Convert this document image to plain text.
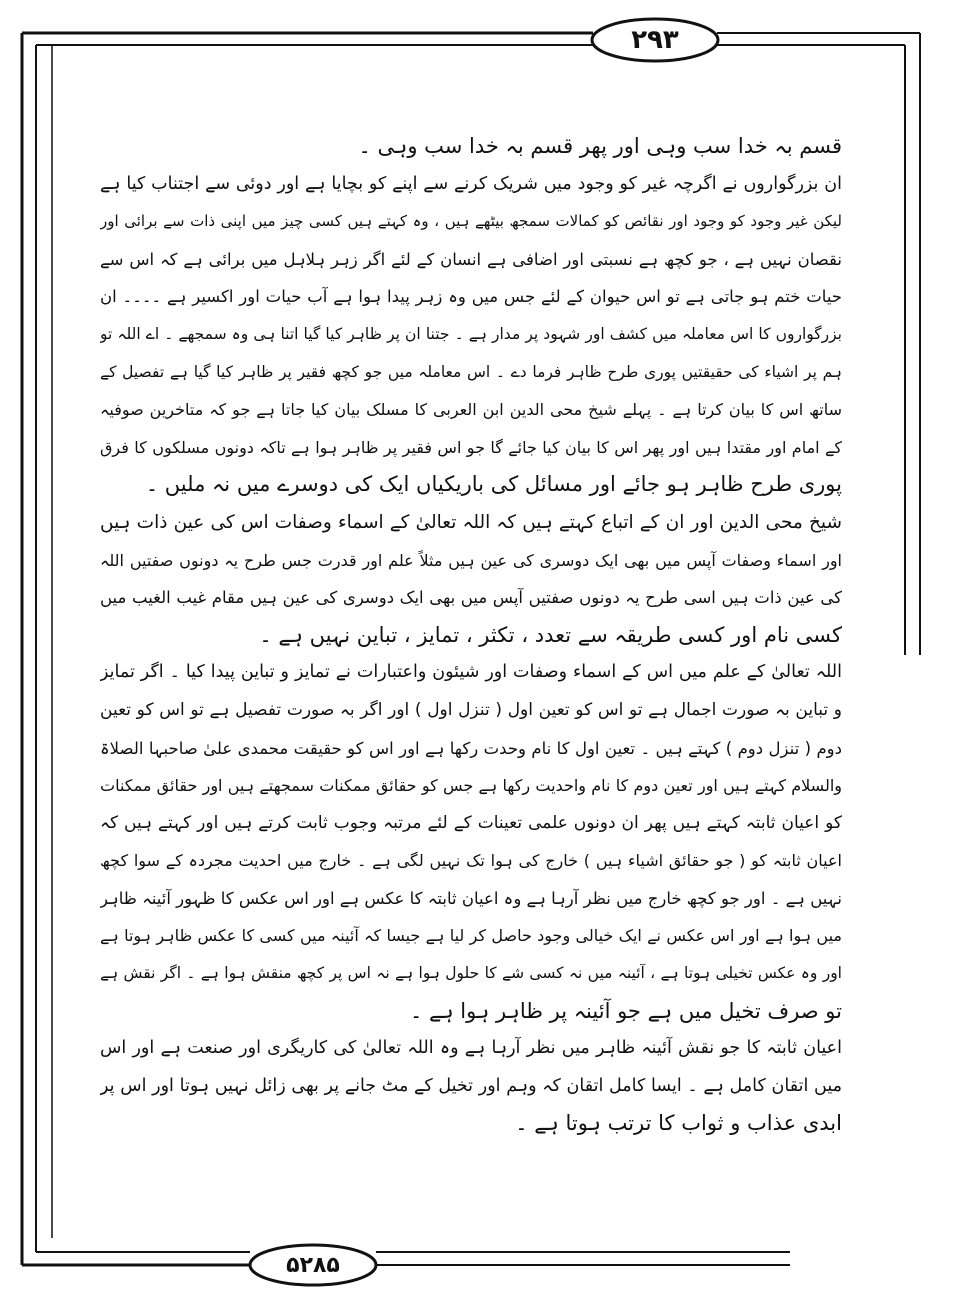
۲۹۳
۵۲۸۵
قسم بہ خدا سب وہی اور پھر قسم بہ خدا سب وہی ۔
ان بزرگواروں نے اگرچہ غیر کو وجود میں شریک کرنے سے اپنے کو بچایا ہے اور دوئی سے اجتناب کیا ہے
لیکن غیر وجود کو وجود اور نقائص کو کمالات سمجھ بیٹھے ہیں ، وہ کہتے ہیں کسی چیز میں اپنی ذات سے برائی اور
نقصان نہیں ہے ، جو کچھ ہے نسبتی اور اضافی ہے انسان کے لئے اگر زہر ہلاہل میں برائی ہے کہ اس سے
حیات ختم ہو جاتی ہے تو اس حیوان کے لئے جس میں وہ زہر پیدا ہوا ہے آب حیات اور اکسیر ہے ۔۔۔۔ ان
بزرگواروں کا اس معاملہ میں کشف اور شہود پر مدار ہے ۔ جتنا ان پر ظاہر کیا گیا اتنا ہی وہ سمجھے ۔ اے اللہ تو
ہم پر اشیاء کی حقیقتیں پوری طرح ظاہر فرما دے ۔ اس معاملہ میں جو کچھ فقیر پر ظاہر کیا گیا ہے تفصیل کے
ساتھ اس کا بیان کرتا ہے ۔ پہلے شیخ محی الدین ابن العربی کا مسلک بیان کیا جاتا ہے جو کہ متاخرین صوفیہ
کے امام اور مقتدا ہیں اور پھر اس کا بیان کیا جائے گا جو اس فقیر پر ظاہر ہوا ہے تاکہ دونوں مسلکوں کا فرق
پوری طرح ظاہر ہو جائے اور مسائل کی باریکیاں ایک کی دوسرے میں نہ ملیں ۔
شیخ محی الدین اور ان کے اتباع کہتے ہیں کہ اللہ تعالیٰ کے اسماء وصفات اس کی عین ذات ہیں
اور اسماء وصفات آپس میں بھی ایک دوسری کی عین ہیں مثلاً علم اور قدرت جس طرح یہ دونوں صفتیں اللہ
کی عین ذات ہیں اسی طرح یہ دونوں صفتیں آپس میں بھی ایک دوسری کی عین ہیں مقام غیب الغیب میں
کسی نام اور کسی طریقہ سے تعدد ، تکثر ، تمایز ، تباین نہیں ہے ۔
اللہ تعالیٰ کے علم میں اس کے اسماء وصفات اور شیئون واعتبارات نے تمایز و تباین پیدا کیا ۔ اگر تمایز
و تباین بہ صورت اجمال ہے تو اس کو تعین اول ( تنزل اول ) اور اگر بہ صورت تفصیل ہے تو اس کو تعین
دوم ( تنزل دوم ) کہتے ہیں ۔ تعین اول کا نام وحدت رکھا ہے اور اس کو حقیقت محمدی علیٰ صاحبہا الصلاۃ
والسلام کہتے ہیں اور تعین دوم کا نام واحدیت رکھا ہے جس کو حقائق ممکنات سمجھتے ہیں اور حقائق ممکنات
کو اعیان ثابتہ کہتے ہیں پھر ان دونوں علمی تعینات کے لئے مرتبہ وجوب ثابت کرتے ہیں اور کہتے ہیں کہ
اعیان ثابتہ کو ( جو حقائق اشیاء ہیں ) خارج کی ہوا تک نہیں لگی ہے ۔ خارج میں احدیت مجردہ کے سوا کچھ
نہیں ہے ۔ اور جو کچھ خارج میں نظر آرہا ہے وہ اعیان ثابتہ کا عکس ہے اور اس عکس کا ظہور آئینہ ظاہر
میں ہوا ہے اور اس عکس نے ایک خیالی وجود حاصل کر لیا ہے جیسا کہ آئینہ میں کسی کا عکس ظاہر ہوتا ہے
اور وہ عکس تخیلی ہوتا ہے ، آئینہ میں نہ کسی شے کا حلول ہوا ہے نہ اس پر کچھ منقش ہوا ہے ۔ اگر نقش ہے
تو صرف تخیل میں ہے جو آئینہ پر ظاہر ہوا ہے ۔
اعیان ثابتہ کا جو نقش آئینہ ظاہر میں نظر آرہا ہے وہ اللہ تعالیٰ کی کاریگری اور صنعت ہے اور اس
میں اتقان کامل ہے ۔ ایسا کامل اتقان کہ وہم اور تخیل کے مٹ جانے پر بھی زائل نہیں ہوتا اور اس پر
ابدی عذاب و ثواب کا ترتب ہوتا ہے ۔
